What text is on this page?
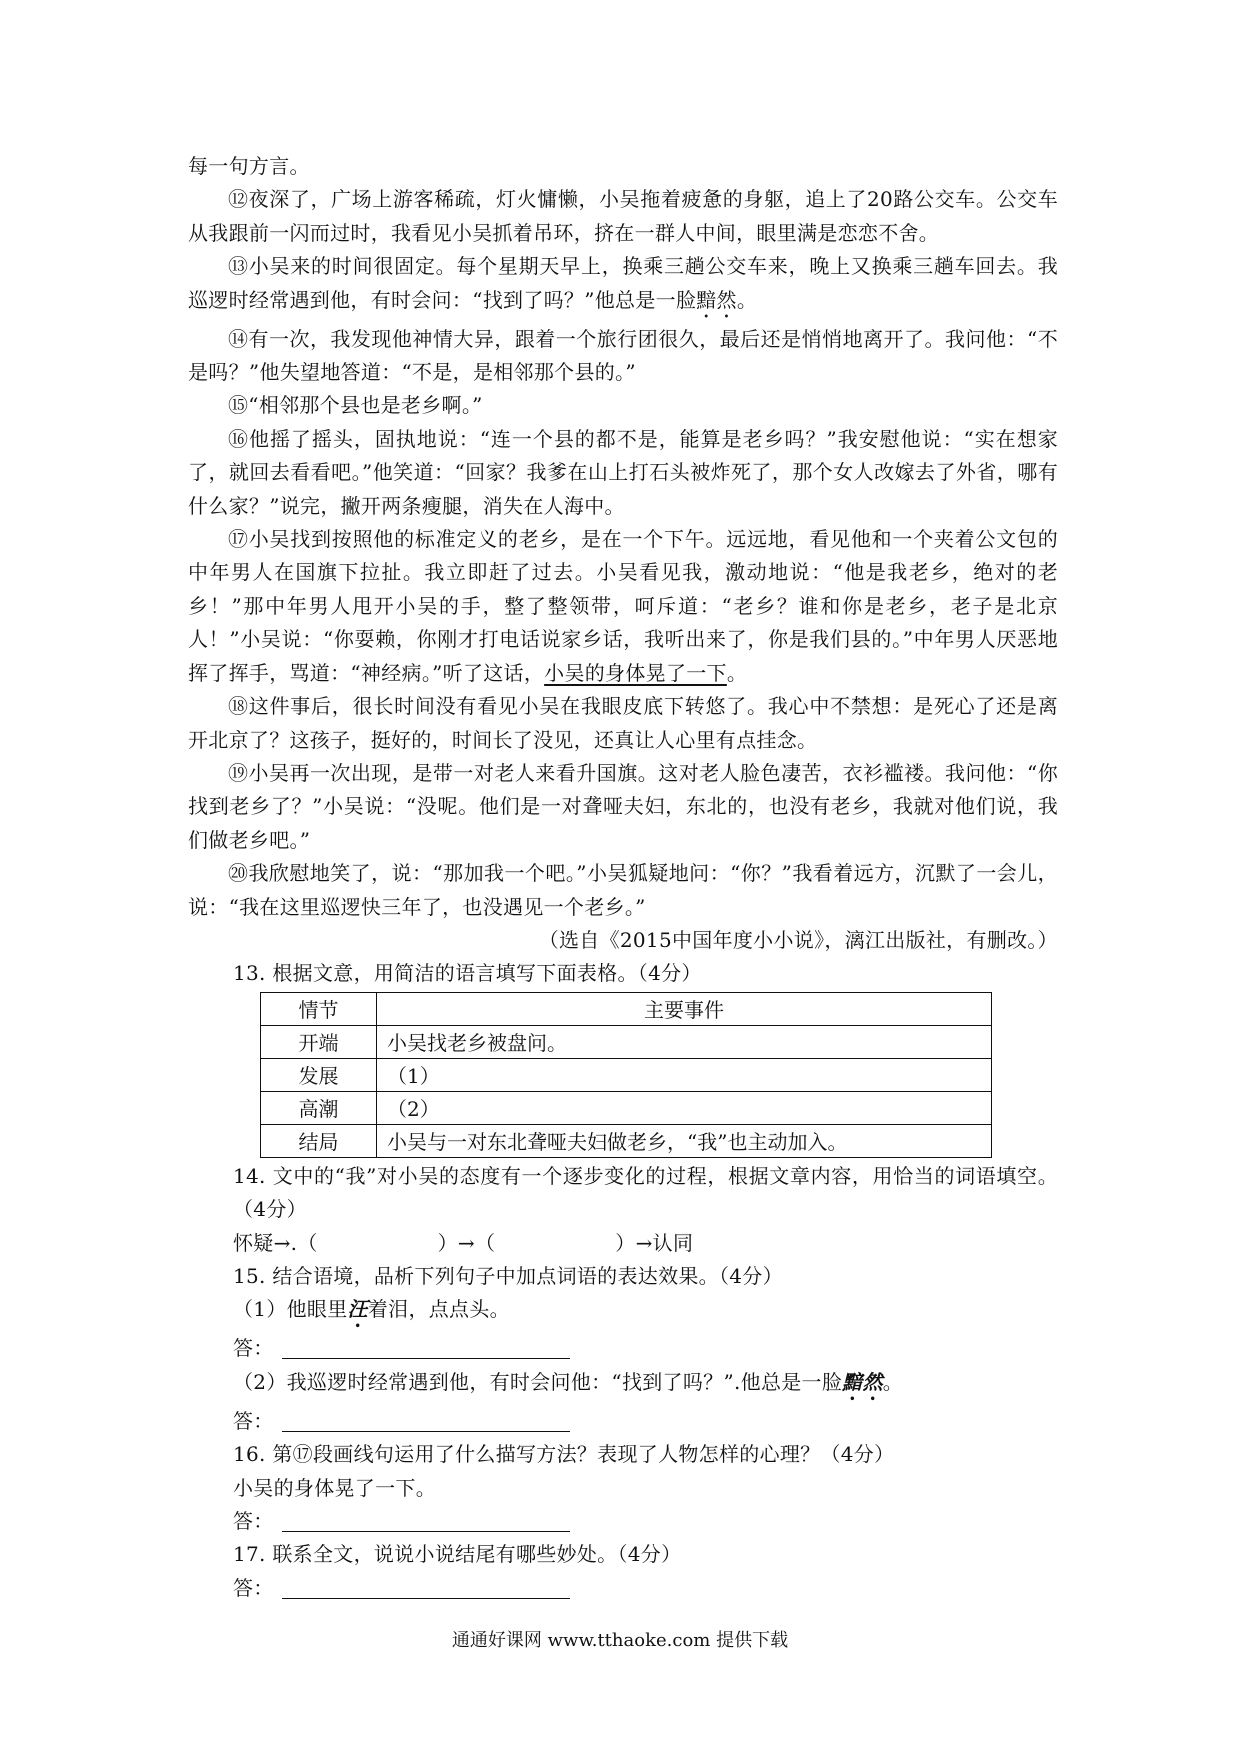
每一句方言。

⑫夜深了，广场上游客稀疏，灯火慵懒，小吴拖着疲惫的身躯，追上了20路公交车。公交车从我跟前一闪而过时，我看见小吴抓着吊环，挤在一群人中间，眼里满是恋恋不舍。

⑬小吴来的时间很固定。每个星期天早上，换乘三趟公交车来，晚上又换乘三趟车回去。我巡逻时经常遇到他，有时会问：“找到了吗？”他总是一脸黯然。

⑭有一次，我发现他神情大异，跟着一个旅行团很久，最后还是悄悄地离开了。我问他：“不是吗？”他失望地答道：“不是，是相邻那个县的。”

⑮“相邻那个县也是老乡啊。”

⑯他摇了摇头，固执地说：“连一个县的都不是，能算是老乡吗？”我安慰他说：“实在想家了，就回去看看吧。”他笑道：“回家？我爹在山上打石头被炸死了，那个女人改嫁去了外省，哪有什么家？”说完，撇开两条瘦腿，消失在人海中。

⑰小吴找到按照他的标准定义的老乡，是在一个下午。远远地，看见他和一个夹着公文包的中年男人在国旗下拉扯。我立即赶了过去。小吴看见我，激动地说：“他是我老乡，绝对的老乡！”那中年男人甩开小吴的手，整了整领带，呵斥道：“老乡？谁和你是老乡，老子是北京人！”小吴说：“你耍赖，你刚才打电话说家乡话，我听出来了，你是我们县的。”中年男人厌恶地挥了挥手，骂道：“神经病。”听了这话，小吴的身体晃了一下。

⑱这件事后，很长时间没有看见小吴在我眼皮底下转悠了。我心中不禁想：是死心了还是离开北京了？这孩子，挺好的，时间长了没见，还真让人心里有点挂念。

⑲小吴再一次出现，是带一对老人来看升国旗。这对老人脸色凄苦，衣衫褴褛。我问他：“你找到老乡了？”小吴说：“没呢。他们是一对聋哑夫妇，东北的，也没有老乡，我就对他们说，我们做老乡吧。”

⑳我欣慰地笑了，说：“那加我一个吧。”小吴狐疑地问：“你？”我看着远方，沉默了一会儿，说：“我在这里巡逻快三年了，也没遇见一个老乡。”

（选自《2015中国年度小小说》，漓江出版社，有删改。）

13. 根据文意，用简洁的语言填写下面表格。（4分）

情节	主要事件
开端	小吴找老乡被盘问。
发展	（1）
高潮	（2）
结局	小吴与一对东北聋哑夫妇做老乡，“我”也主动加入。

14. 文中的“我”对小吴的态度有一个逐步变化的过程，根据文章内容，用恰当的词语填空。（4分）

怀疑→.（	）→（	）→认同

15. 结合语境，品析下列句子中加点词语的表达效果。（4分）

（1）他眼里汪着泪，点点头。

答：

（2）我巡逻时经常遇到他，有时会问他：“找到了吗？”.他总是一脸黯然。

答：

16. 第⑰段画线句运用了什么描写方法？表现了人物怎样的心理？（4分）

小吴的身体晃了一下。

答：

17. 联系全文，说说小说结尾有哪些妙处。（4分）

答：

通通好课网 www.tthaoke.com 提供下载
